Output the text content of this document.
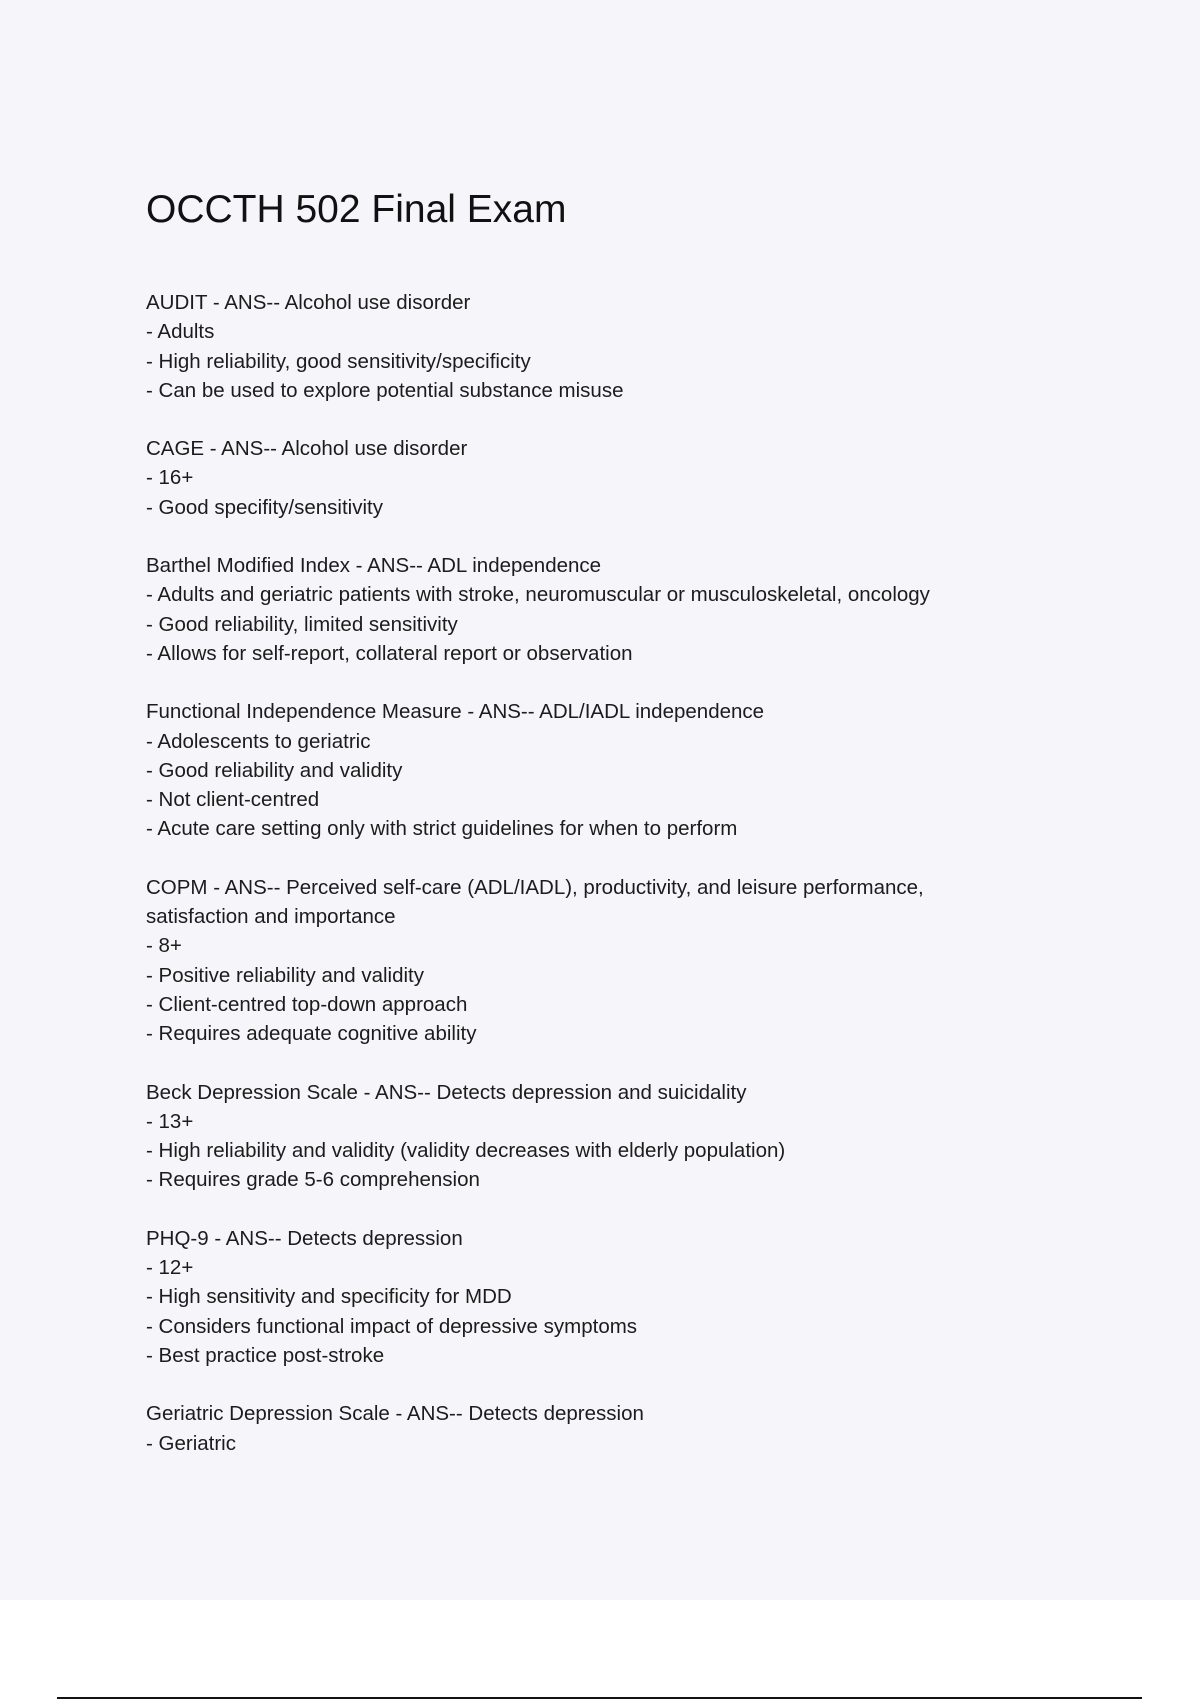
OCCTH 502 Final Exam
AUDIT - ANS-- Alcohol use disorder
- Adults
- High reliability, good sensitivity/specificity
- Can be used to explore potential substance misuse
CAGE - ANS-- Alcohol use disorder
- 16+
- Good specifity/sensitivity
Barthel Modified Index - ANS-- ADL independence
- Adults and geriatric patients with stroke, neuromuscular or musculoskeletal, oncology
- Good reliability, limited sensitivity
- Allows for self-report, collateral report or observation
Functional Independence Measure - ANS-- ADL/IADL independence
- Adolescents to geriatric
- Good reliability and validity
- Not client-centred
- Acute care setting only with strict guidelines for when to perform
COPM - ANS-- Perceived self-care (ADL/IADL), productivity, and leisure performance,
satisfaction and importance
- 8+
- Positive reliability and validity
- Client-centred top-down approach
- Requires adequate cognitive ability
Beck Depression Scale - ANS-- Detects depression and suicidality
- 13+
- High reliability and validity (validity decreases with elderly population)
- Requires grade 5-6 comprehension
PHQ-9 - ANS-- Detects depression
- 12+
- High sensitivity and specificity for MDD
- Considers functional impact of depressive symptoms
- Best practice post-stroke
Geriatric Depression Scale - ANS-- Detects depression
- Geriatric
